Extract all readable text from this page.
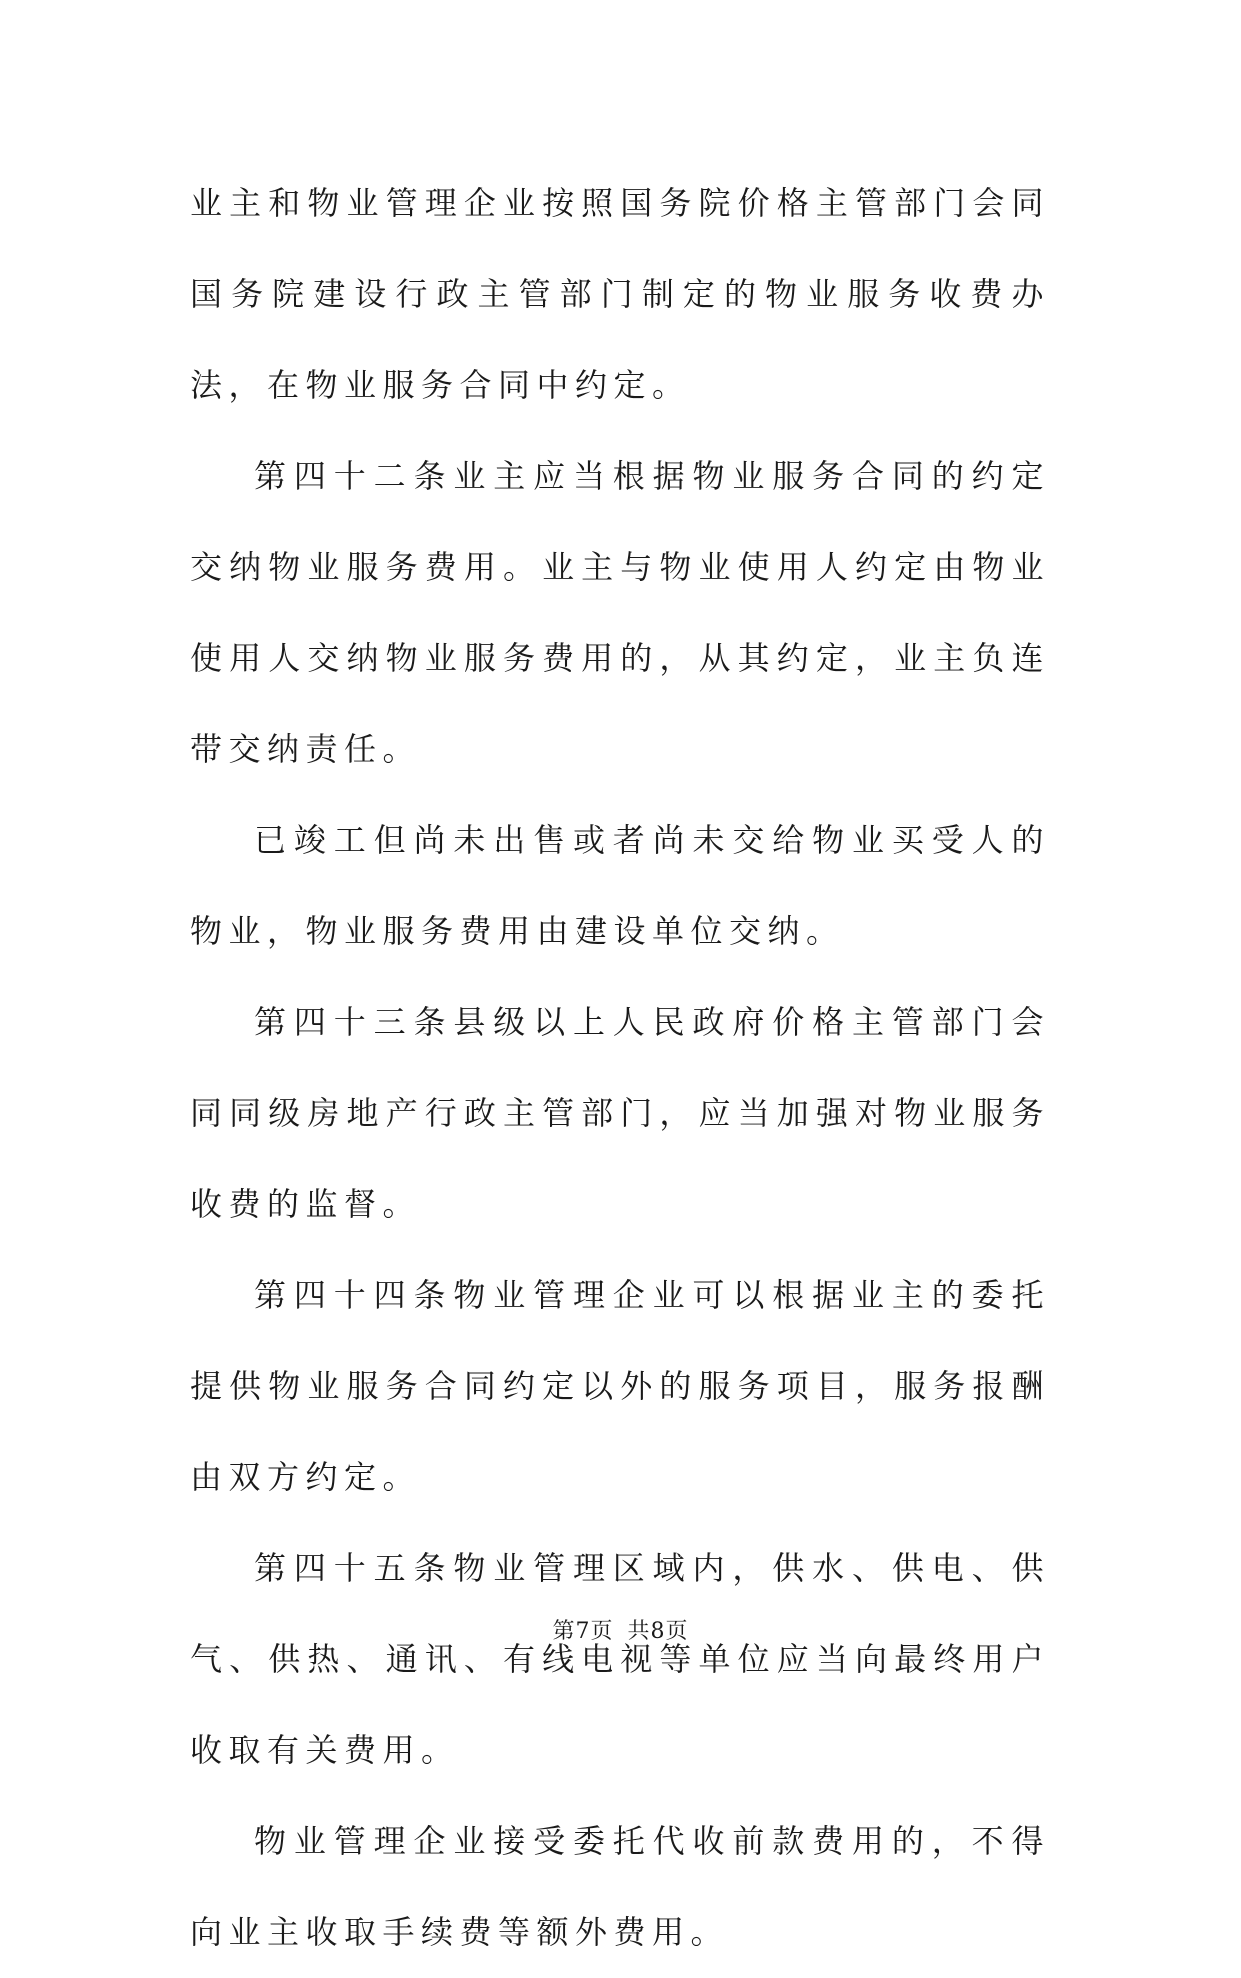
业主和物业管理企业按照国务院价格主管部门会同国务院建设行政主管部门制定的物业服务收费办法，在物业服务合同中约定。

第四十二条业主应当根据物业服务合同的约定交纳物业服务费用。业主与物业使用人约定由物业使用人交纳物业服务费用的，从其约定，业主负连带交纳责任。

已竣工但尚未出售或者尚未交给物业买受人的物业，物业服务费用由建设单位交纳。

第四十三条县级以上人民政府价格主管部门会同同级房地产行政主管部门，应当加强对物业服务收费的监督。

第四十四条物业管理企业可以根据业主的委托提供物业服务合同约定以外的服务项目，服务报酬由双方约定。

第四十五条物业管理区域内，供水、供电、供气、供热、通讯、有线电视等单位应当向最终用户收取有关费用。

物业管理企业接受委托代收前款费用的，不得向业主收取手续费等额外费用。

第7页 共8页
